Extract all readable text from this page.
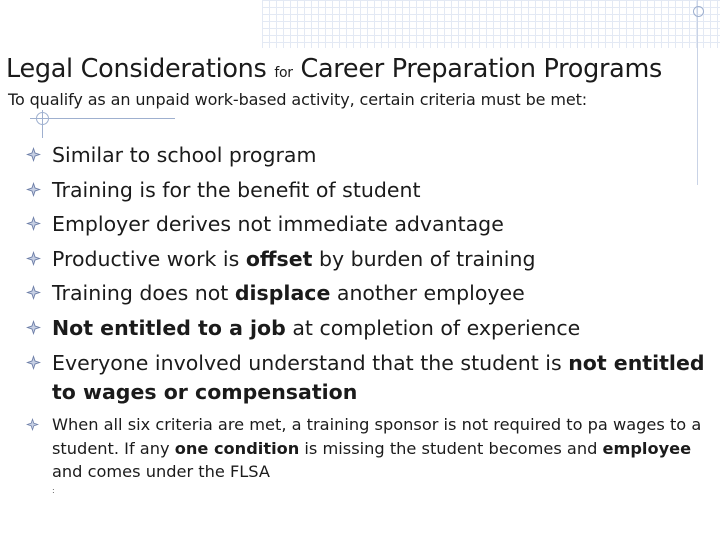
Legal Considerations for Career Preparation Programs
To qualify as an unpaid work-based activity, certain criteria must be met:
Similar to school program
Training is for the benefit of student
Employer derives not immediate advantage
Productive work is offset by burden of training
Training does not displace another employee
Not entitled to a job at completion of experience
Everyone involved understand that the student is not entitled to wages or compensation
When all six criteria are met, a training sponsor is not required to pa wages to a student. If any one condition is missing the student becomes and employee and comes under the FLSA
:
